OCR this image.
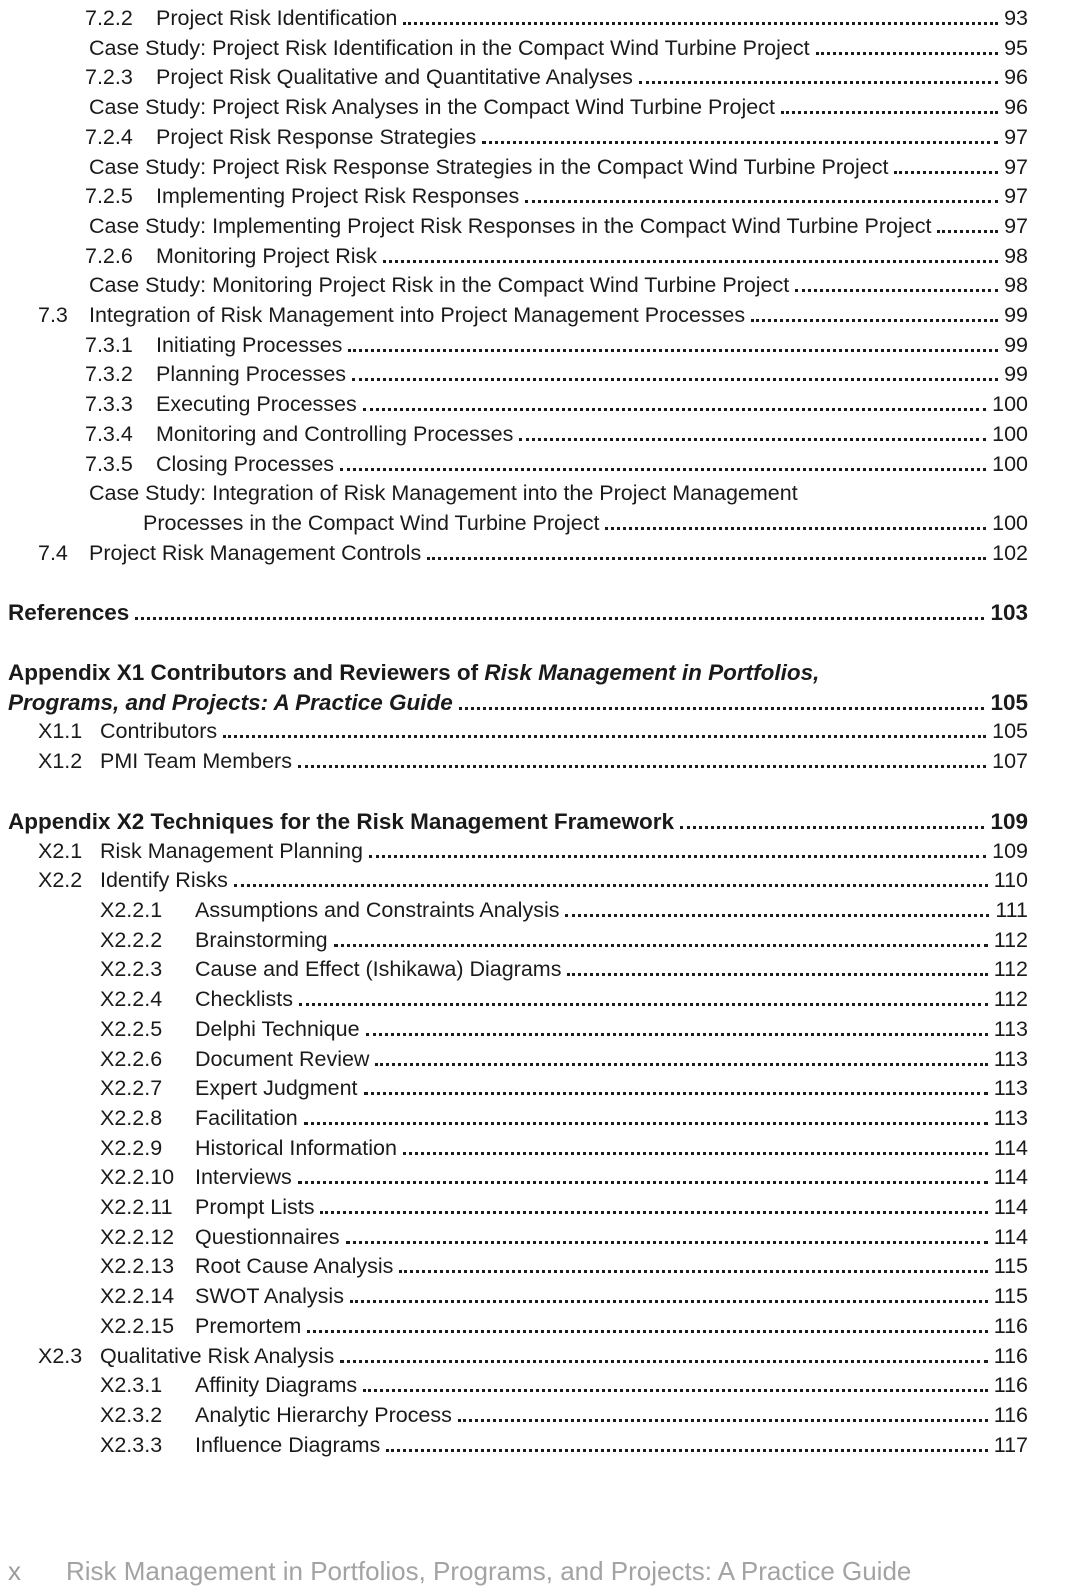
7.2.2	Project Risk Identification	93
Case Study: Project Risk Identification in the Compact Wind Turbine Project	95
7.2.3	Project Risk Qualitative and Quantitative Analyses	96
Case Study: Project Risk Analyses in the Compact Wind Turbine Project	96
7.2.4	Project Risk Response Strategies	97
Case Study: Project Risk Response Strategies in the Compact Wind Turbine Project	97
7.2.5	Implementing Project Risk Responses	97
Case Study: Implementing Project Risk Responses in the Compact Wind Turbine Project	97
7.2.6	Monitoring Project Risk	98
Case Study: Monitoring Project Risk in the Compact Wind Turbine Project	98
7.3 Integration of Risk Management into Project Management Processes	99
7.3.1	Initiating Processes	99
7.3.2	Planning Processes	99
7.3.3	Executing Processes	100
7.3.4	Monitoring and Controlling Processes	100
7.3.5	Closing Processes	100
Case Study: Integration of Risk Management into the Project Management
Processes in the Compact Wind Turbine Project	100
7.4 Project Risk Management Controls	102
References	103
Appendix X1 Contributors and Reviewers of Risk Management in Portfolios,
Programs, and Projects: A Practice Guide	105
X1.1 Contributors	105
X1.2 PMI Team Members	107
Appendix X2 Techniques for the Risk Management Framework	109
X2.1 Risk Management Planning	109
X2.2 Identify Risks	110
X2.2.1	Assumptions and Constraints Analysis	111
X2.2.2	Brainstorming	112
X2.2.3	Cause and Effect (Ishikawa) Diagrams	112
X2.2.4	Checklists	112
X2.2.5	Delphi Technique	113
X2.2.6	Document Review	113
X2.2.7	Expert Judgment	113
X2.2.8	Facilitation	113
X2.2.9	Historical Information	114
X2.2.10 Interviews	114
X2.2.11	Prompt Lists	114
X2.2.12 Questionnaires	114
X2.2.13 Root Cause Analysis	115
X2.2.14 SWOT Analysis	115
X2.2.15 Premortem	116
X2.3 Qualitative Risk Analysis	116
X2.3.1	Affinity Diagrams	116
X2.3.2	Analytic Hierarchy Process	116
X2.3.3	Influence Diagrams	117
x Risk Management in Portfolios, Programs, and Projects: A Practice Guide
